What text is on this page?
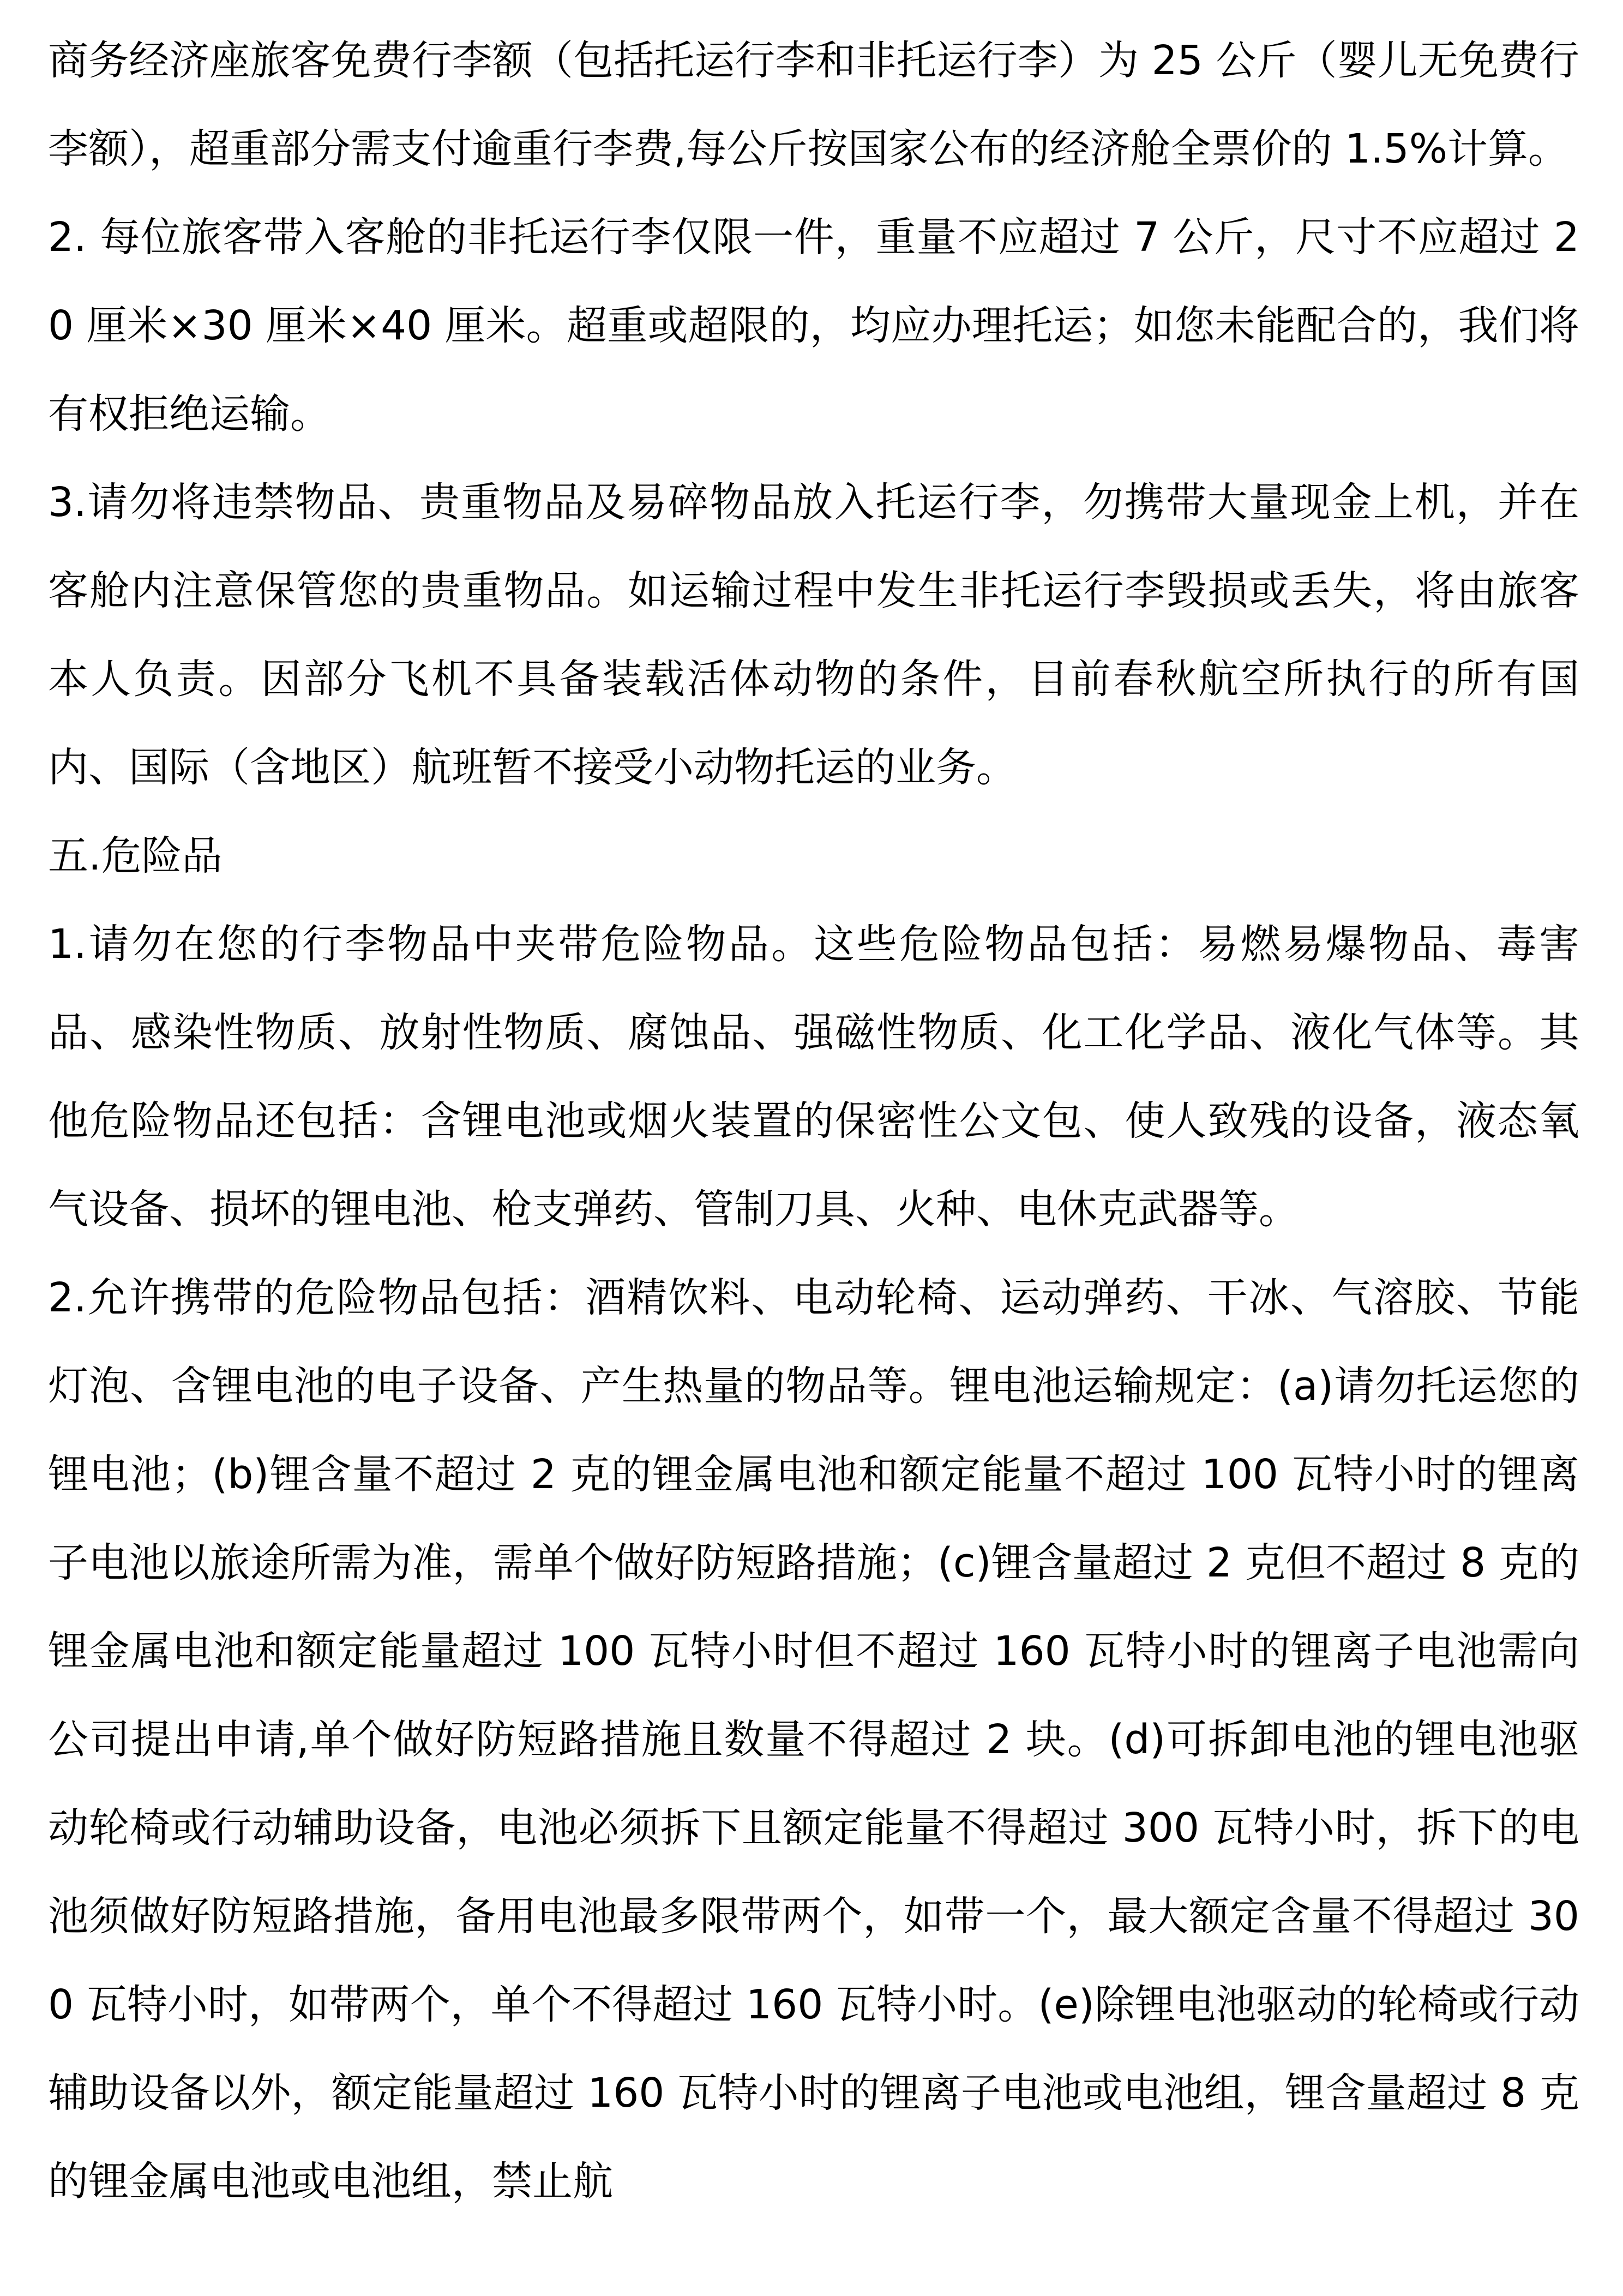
商务经济座旅客免费行李额（包括托运行李和非托运行李）为 25 公斤（婴儿无免费行李额），超重部分需支付逾重行李费,每公斤按国家公布的经济舱全票价的 1.5%计算。

2. 每位旅客带入客舱的非托运行李仅限一件，重量不应超过 7 公斤，尺寸不应超过 20 厘米×30 厘米×40 厘米。超重或超限的，均应办理托运；如您未能配合的，我们将有权拒绝运输。

3.请勿将违禁物品、贵重物品及易碎物品放入托运行李，勿携带大量现金上机，并在客舱内注意保管您的贵重物品。如运输过程中发生非托运行李毁损或丢失，将由旅客本人负责。因部分飞机不具备装载活体动物的条件，目前春秋航空所执行的所有国内、国际（含地区）航班暂不接受小动物托运的业务。

五.危险品

1.请勿在您的行李物品中夹带危险物品。这些危险物品包括：易燃易爆物品、毒害品、感染性物质、放射性物质、腐蚀品、强磁性物质、化工化学品、液化气体等。其他危险物品还包括：含锂电池或烟火装置的保密性公文包、使人致残的设备，液态氧气设备、损坏的锂电池、枪支弹药、管制刀具、火种、电休克武器等。

2.允许携带的危险物品包括：酒精饮料、电动轮椅、运动弹药、干冰、气溶胶、节能灯泡、含锂电池的电子设备、产生热量的物品等。锂电池运输规定：(a)请勿托运您的锂电池；(b)锂含量不超过 2 克的锂金属电池和额定能量不超过 100 瓦特小时的锂离子电池以旅途所需为准，需单个做好防短路措施；(c)锂含量超过 2 克但不超过 8 克的锂金属电池和额定能量超过 100 瓦特小时但不超过 160 瓦特小时的锂离子电池需向公司提出申请,单个做好防短路措施且数量不得超过 2 块。(d)可拆卸电池的锂电池驱动轮椅或行动辅助设备，电池必须拆下且额定能量不得超过 300 瓦特小时，拆下的电池须做好防短路措施，备用电池最多限带两个，如带一个，最大额定含量不得超过 300 瓦特小时，如带两个，单个不得超过 160 瓦特小时。(e)除锂电池驱动的轮椅或行动辅助设备以外，额定能量超过 160 瓦特小时的锂离子电池或电池组，锂含量超过 8 克的锂金属电池或电池组，禁止航
